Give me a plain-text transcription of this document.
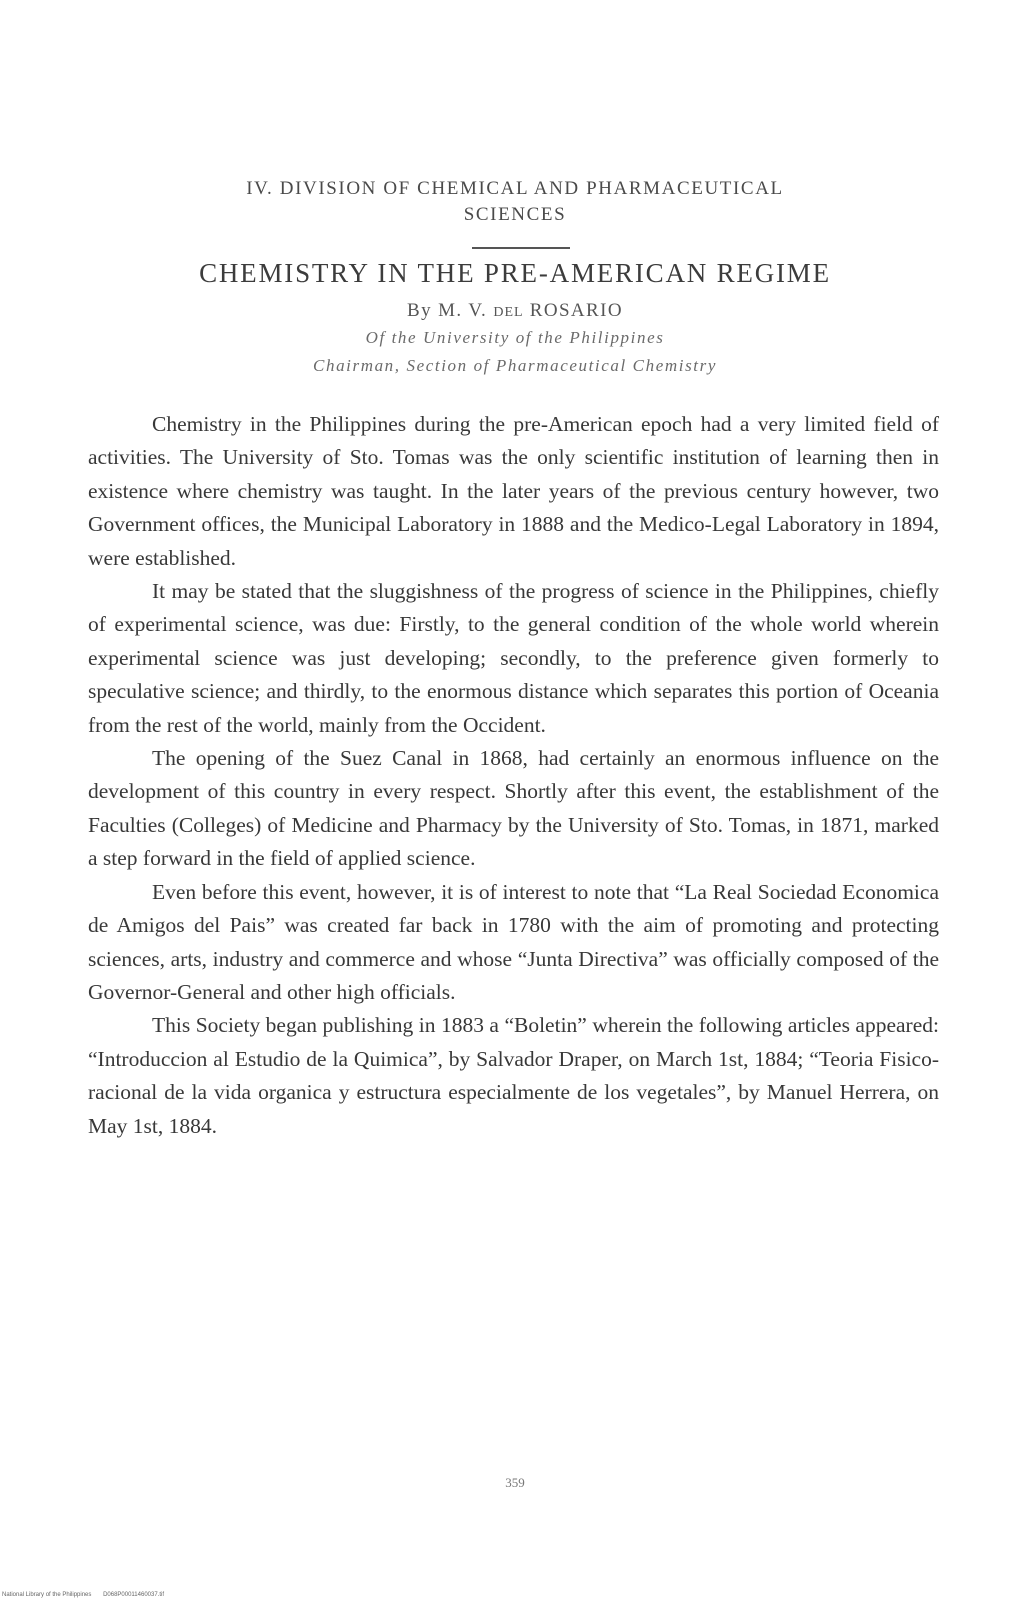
IV. DIVISION OF CHEMICAL AND PHARMACEUTICAL
SCIENCES
CHEMISTRY IN THE PRE-AMERICAN REGIME
By M. V. DEL ROSARIO
Of the University of the Philippines
Chairman, Section of Pharmaceutical Chemistry

Chemistry in the Philippines during the pre-American epoch had a very limited field of activities. The University of Sto. Tomas was the only scientific institution of learning then in existence where chemistry was taught. In the later years of the previous century however, two Government offices, the Municipal Laboratory in 1888 and the Medico-Legal Laboratory in 1894, were established.

It may be stated that the sluggishness of the progress of science in the Philippines, chiefly of experimental science, was due: Firstly, to the general condition of the whole world wherein experimental science was just developing; secondly, to the preference given formerly to speculative science; and thirdly, to the enormous distance which separates this portion of Oceania from the rest of the world, mainly from the Occident.

The opening of the Suez Canal in 1868, had certainly an enormous influence on the development of this country in every respect. Shortly after this event, the establishment of the Faculties (Colleges) of Medicine and Pharmacy by the University of Sto. Tomas, in 1871, marked a step forward in the field of applied science.

Even before this event, however, it is of interest to note that “La Real Sociedad Economica de Amigos del Pais” was created far back in 1780 with the aim of promoting and protecting sciences, arts, industry and commerce and whose “Junta Directiva” was officially composed of the Governor-General and other high officials.

This Society began publishing in 1883 a “Boletin” wherein the following articles appeared: “Introduccion al Estudio de la Quimica”, by Salvador Draper, on March 1st, 1884; “Teoria Fisico-racional de la vida organica y estructura especialmente de los vegetales”, by Manuel Herrera, on May 1st, 1884.

359
National Library of the Philippines D068P00011460037.tif
